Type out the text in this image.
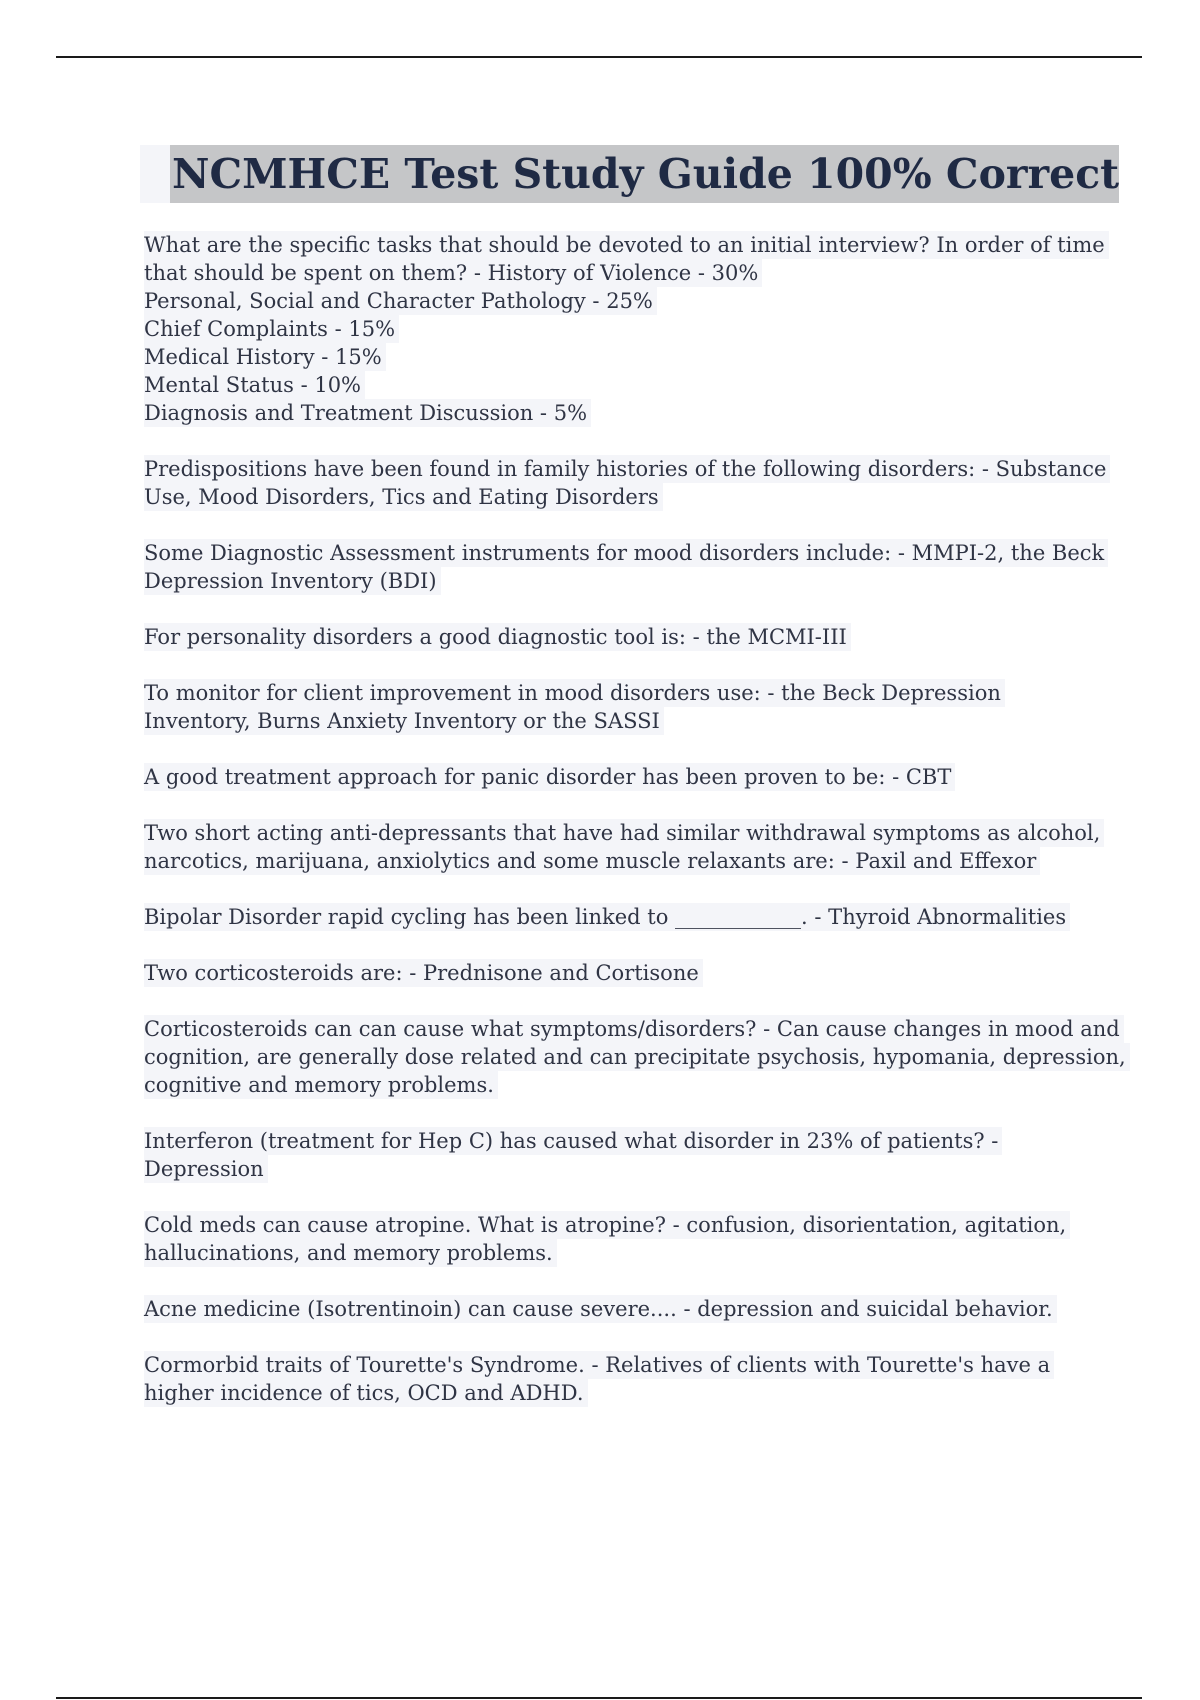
NCMHCE Test Study Guide 100% Correct
What are the specific tasks that should be devoted to an initial interview? In order of time
that should be spent on them? - History of Violence - 30%
Personal, Social and Character Pathology - 25%
Chief Complaints - 15%
Medical History - 15%
Mental Status - 10%
Diagnosis and Treatment Discussion - 5%
Predispositions have been found in family histories of the following disorders: - Substance
Use, Mood Disorders, Tics and Eating Disorders
Some Diagnostic Assessment instruments for mood disorders include: - MMPI-2, the Beck
Depression Inventory (BDI)
For personality disorders a good diagnostic tool is: - the MCMI-III
To monitor for client improvement in mood disorders use: - the Beck Depression
Inventory, Burns Anxiety Inventory or the SASSI
A good treatment approach for panic disorder has been proven to be: - CBT
Two short acting anti-depressants that have had similar withdrawal symptoms as alcohol,
narcotics, marijuana, anxiolytics and some muscle relaxants are: - Paxil and Effexor
Bipolar Disorder rapid cycling has been linked to ____________. - Thyroid Abnormalities
Two corticosteroids are: - Prednisone and Cortisone
Corticosteroids can can cause what symptoms/disorders? - Can cause changes in mood and
cognition, are generally dose related and can precipitate psychosis, hypomania, depression,
cognitive and memory problems.
Interferon (treatment for Hep C) has caused what disorder in 23% of patients? -
Depression
Cold meds can cause atropine. What is atropine? - confusion, disorientation, agitation,
hallucinations, and memory problems.
Acne medicine (Isotrentinoin) can cause severe.... - depression and suicidal behavior.
Cormorbid traits of Tourette's Syndrome. - Relatives of clients with Tourette's have a
higher incidence of tics, OCD and ADHD.
